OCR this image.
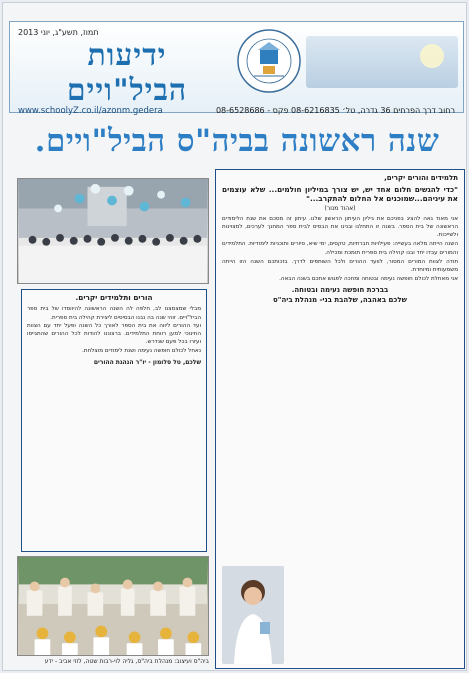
תמוז, תשע"ג, יוני 2013
ידיעות הביל"ויים
www.schoolyZ.co.il/azonm.gedera	רחוב דרך הפרחים 36 גדרה, טל׳ 08-6216835 פקס - 08-6528686
שנה ראשונה בביה"ס הביל"ויים.
תלמידים והורים יקרים,
"כדי להגשים חלום אחד יש, יש צורך במיליון חולמים... שלא עוצמים את עיניהם...שמוכנים אל החלום להתקרב..."
(אהוד מנור)

אני מאוד גאה להציג בפניכם את גיליון העיתון הראשון שלנו. עיתון זה מסכם את שנת הלימודים הראשונה של בית הספר. בשנה זו התחלנו ובנינו את הבסיס לבית ספר המחנך לערכים, למצוינות ולשייכות.

השנה הייתה מלאה בעשייה: פעילויות חברתיות, טקסים, ימי שיא, סיורים ותוכניות לימודיות. התלמידים והמורים עבדו יחד ובנו קהילה בית ספרית תומכת ומכילה.

תודה לצוות המורים המסור, לוועד ההורים ולכל השותפים לדרך. בזכותכם השנה הזו הייתה משמעותית ומיוחדת.

אני מאחלת לכולם חופשה נעימה ובטוחה ומחכה לפגוש אתכם בשנה הבאה.

בברכת חופשה נעימה ובטוחה.
שלכם באהבה, שלהבת בני- מנהלת ביה"ס
הורים ותלמידים יקרים.

מבלי שמצמצנו לב, חלפה לה השנה הראשונה להיווסדו של בית ספר הביל"ויים. זוהי שנה בה נבנו הבסיסים ליצירת קהילה בית ספרית.

ועד ההורים ליווה את בית הספר לאורך כל השנה ופעל יחד עם הצוות החינוכי למען רווחת התלמידים. ברצוננו להודות לכל ההורים שהתגייסו ועזרו בכל פעם שנדרש.

נאחל לכולם חופשה נעימה ושנת לימודים מוצלחת.

שלכם, טל סלומון - יו"ר הנהגת ההורים
ביה"ס ועיצוב: מנהלת ביה"ס, גליה לוי-רבות שטה, לוזי אביב - ידע
